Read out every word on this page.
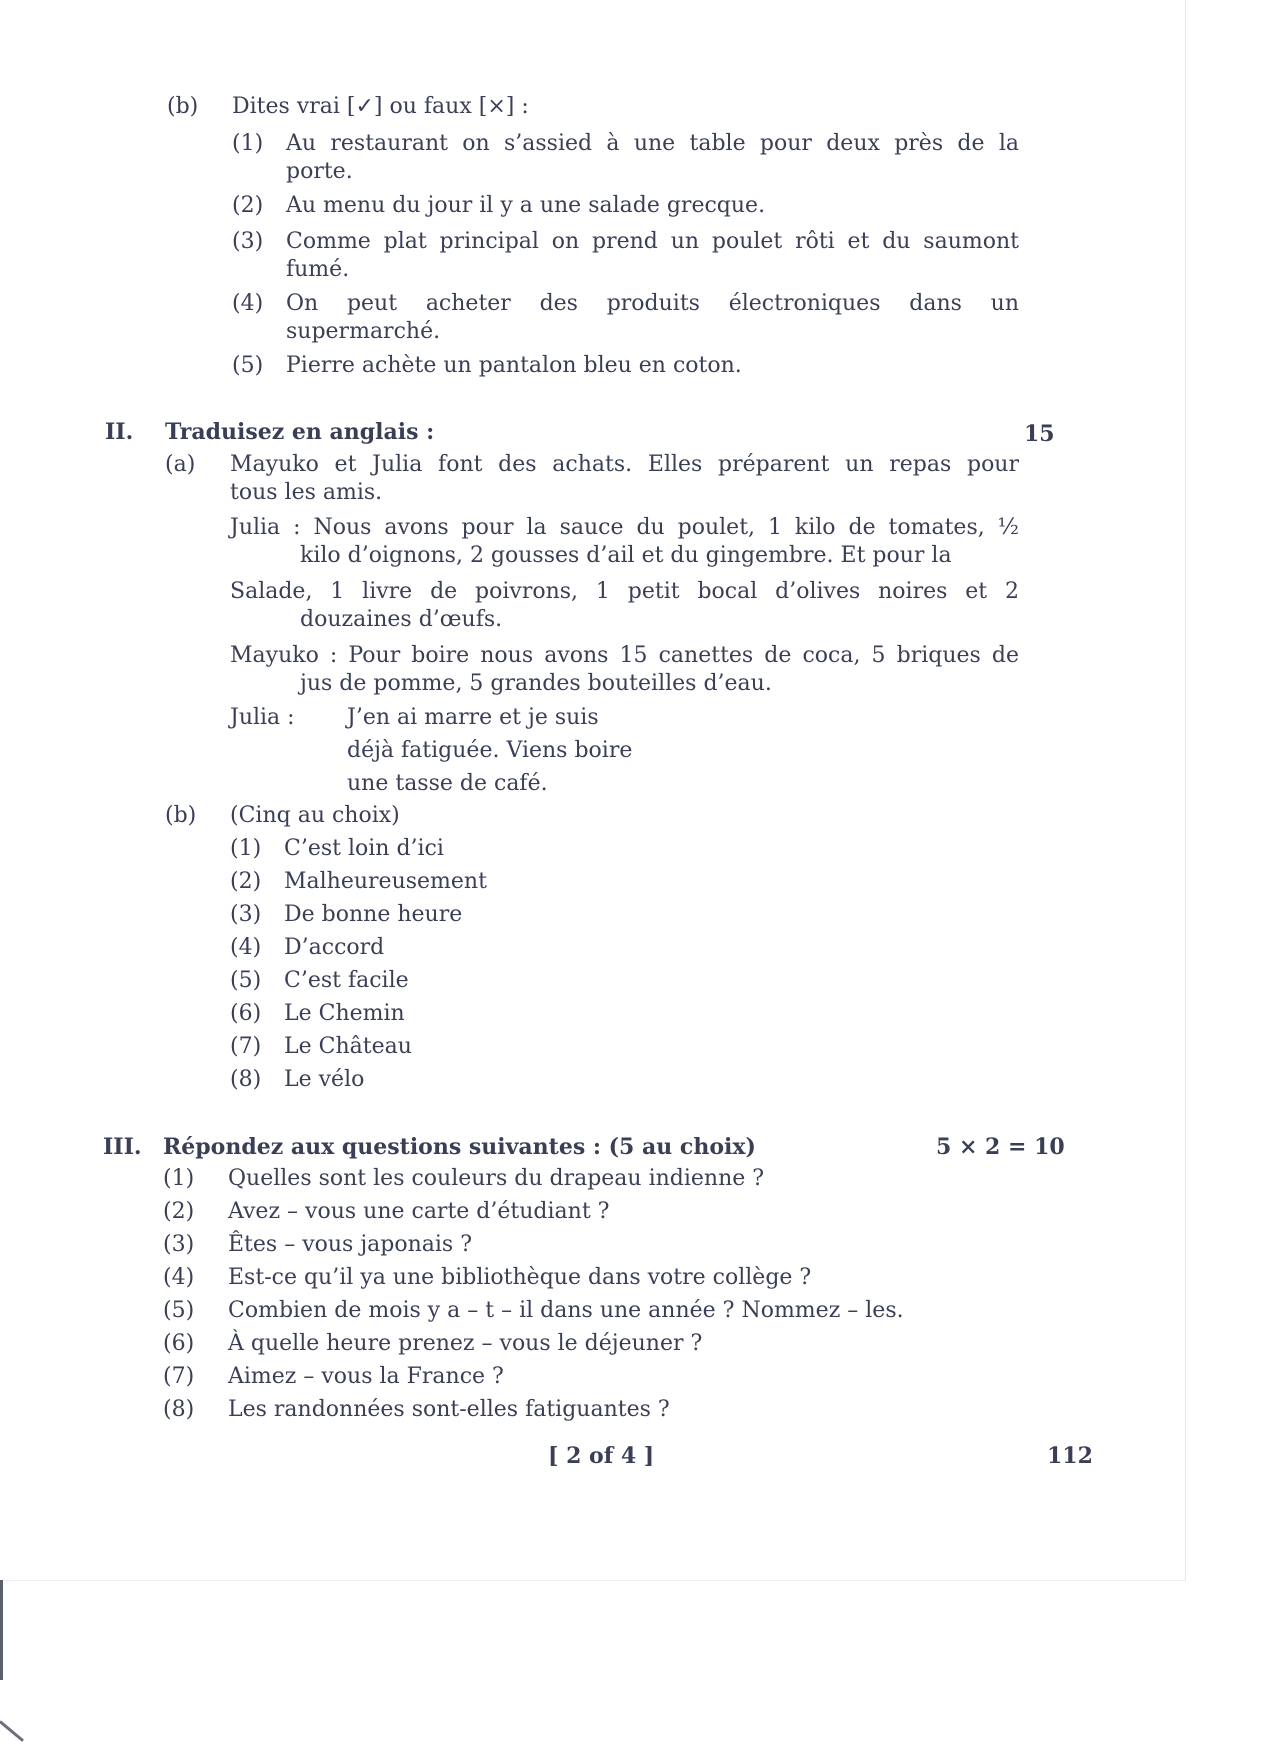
(b) Dites vrai [✓] ou faux [×] :
(1) Au restaurant on s’assied à une table pour deux près de la
porte.
(2) Au menu du jour il y a une salade grecque.
(3) Comme plat principal on prend un poulet rôti et du saumont
fumé.
(4) On peut acheter des produits électroniques dans un
supermarché.
(5) Pierre achète un pantalon bleu en coton.
II. Traduisez en anglais :	15
(a) Mayuko et Julia font des achats. Elles préparent un repas pour
tous les amis.
Julia : Nous avons pour la sauce du poulet, 1 kilo de tomates, ½
kilo d’oignons, 2 gousses d’ail et du gingembre. Et pour la
Salade, 1 livre de poivrons, 1 petit bocal d’olives noires et 2
douzaines d’œufs.
Mayuko : Pour boire nous avons 15 canettes de coca, 5 briques de
jus de pomme, 5 grandes bouteilles d’eau.
Julia : J’en ai marre et je suis
déjà fatiguée. Viens boire
une tasse de café.
(b) (Cinq au choix)
(1) C’est loin d’ici
(2) Malheureusement
(3) De bonne heure
(4) D’accord
(5) C’est facile
(6) Le Chemin
(7) Le Château
(8) Le vélo
III. Répondez aux questions suivantes : (5 au choix)	5 × 2 = 10
(1) Quelles sont les couleurs du drapeau indienne ?
(2) Avez – vous une carte d’étudiant ?
(3) Êtes – vous japonais ?
(4) Est-ce qu’il ya une bibliothèque dans votre collège ?
(5) Combien de mois y a – t – il dans une année ? Nommez – les.
(6) À quelle heure prenez – vous le déjeuner ?
(7) Aimez – vous la France ?
(8) Les randonnées sont-elles fatiguantes ?
[ 2 of 4 ]	112
